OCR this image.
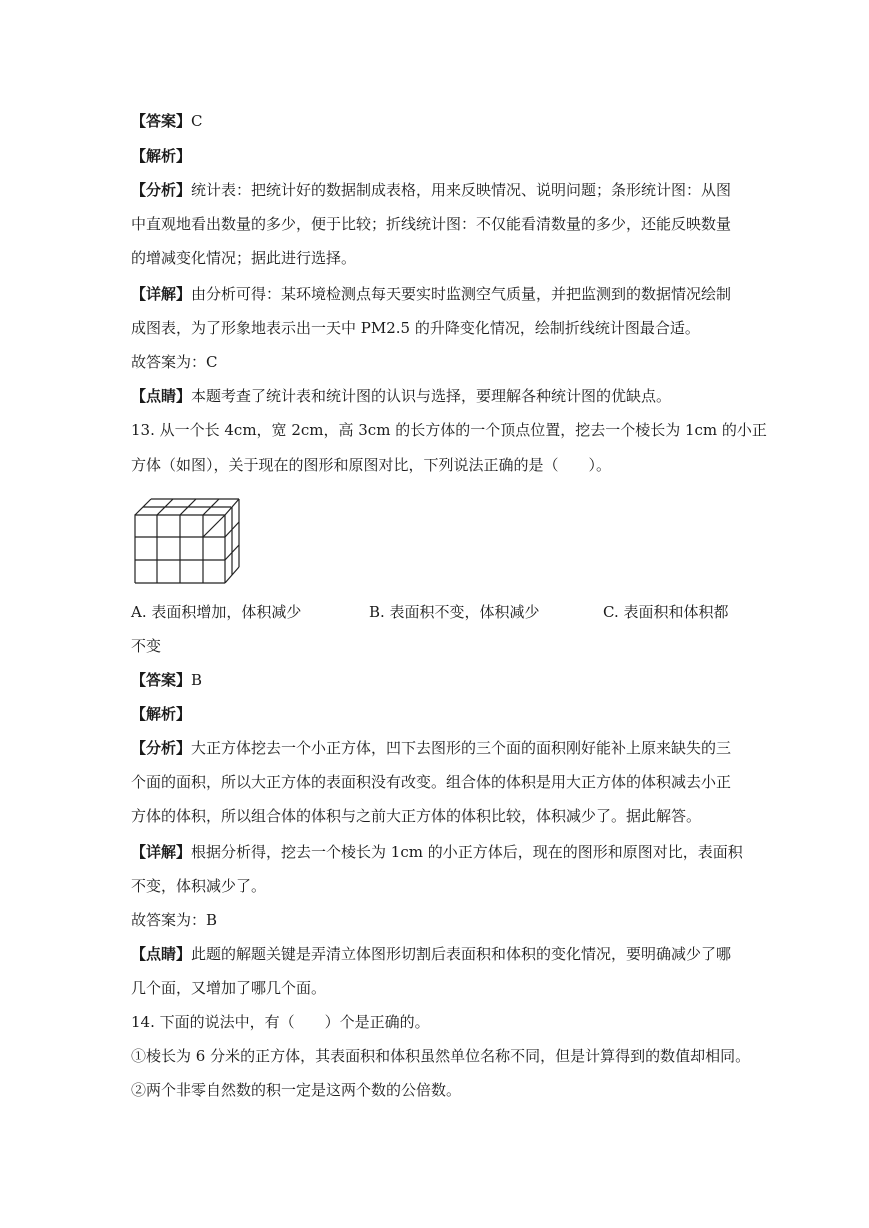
【答案】C
【解析】
【分析】统计表：把统计好的数据制成表格，用来反映情况、说明问题；条形统计图：从图
中直观地看出数量的多少，便于比较；折线统计图：不仅能看清数量的多少，还能反映数量
的增减变化情况；据此进行选择。
【详解】由分析可得：某环境检测点每天要实时监测空气质量，并把监测到的数据情况绘制
成图表，为了形象地表示出一天中 PM2.5 的升降变化情况，绘制折线统计图最合适。
故答案为：C
【点睛】本题考查了统计表和统计图的认识与选择，要理解各种统计图的优缺点。
13. 从一个长 4cm，宽 2cm，高 3cm 的长方体的一个顶点位置，挖去一个棱长为 1cm 的小正
方体（如图），关于现在的图形和原图对比，下列说法正确的是（　　）。
A. 表面积增加，体积减少	B. 表面积不变，体积减少	C. 表面积和体积都
不变
【答案】B
【解析】
【分析】大正方体挖去一个小正方体，凹下去图形的三个面的面积刚好能补上原来缺失的三
个面的面积，所以大正方体的表面积没有改变。组合体的体积是用大正方体的体积减去小正
方体的体积，所以组合体的体积与之前大正方体的体积比较，体积减少了。据此解答。
【详解】根据分析得，挖去一个棱长为 1cm 的小正方体后，现在的图形和原图对比，表面积
不变，体积减少了。
故答案为：B
【点睛】此题的解题关键是弄清立体图形切割后表面积和体积的变化情况，要明确减少了哪
几个面，又增加了哪几个面。
14. 下面的说法中，有（　　）个是正确的。
①棱长为 6 分米的正方体，其表面积和体积虽然单位名称不同，但是计算得到的数值却相同。
②两个非零自然数的积一定是这两个数的公倍数。
